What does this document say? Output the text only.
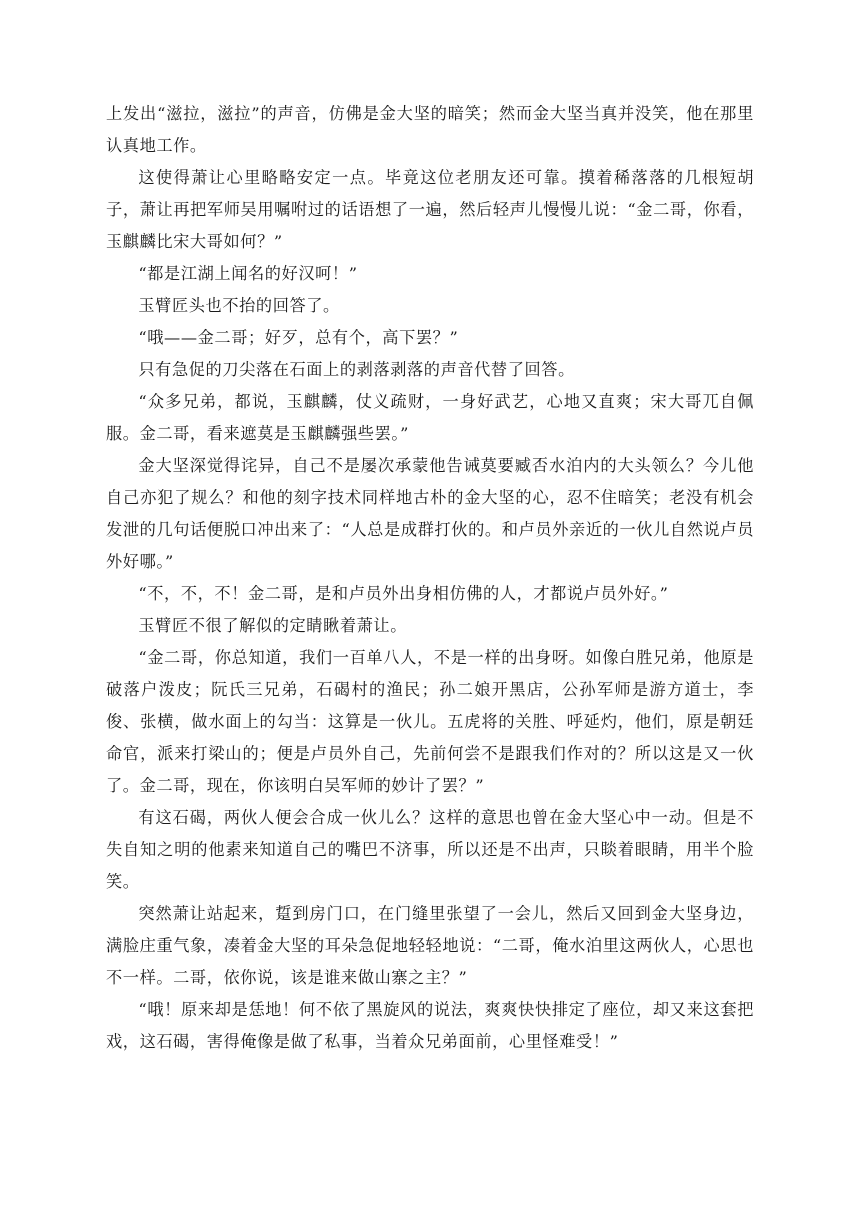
上发出“滋拉，滋拉”的声音，仿佛是金大坚的暗笑；然而金大坚当真并没笑，他在那里认真地工作。

这使得萧让心里略略安定一点。毕竟这位老朋友还可靠。摸着稀落落的几根短胡子，萧让再把军师吴用嘱咐过的话语想了一遍，然后轻声儿慢慢儿说：“金二哥，你看，玉麒麟比宋大哥如何？”

“都是江湖上闻名的好汉呵！”

玉臂匠头也不抬的回答了。

“哦——金二哥；好歹，总有个，高下罢？”

只有急促的刀尖落在石面上的剥落剥落的声音代替了回答。

“众多兄弟，都说，玉麒麟，仗义疏财，一身好武艺，心地又直爽；宋大哥兀自佩服。金二哥，看来遮莫是玉麒麟强些罢。”

金大坚深觉得诧异，自己不是屡次承蒙他告诫莫要臧否水泊内的大头领么？今儿他自己亦犯了规么？和他的刻字技术同样地古朴的金大坚的心，忍不住暗笑；老没有机会发泄的几句话便脱口冲出来了：“人总是成群打伙的。和卢员外亲近的一伙儿自然说卢员外好哪。”

“不，不，不！金二哥，是和卢员外出身相仿佛的人，才都说卢员外好。”

玉臂匠不很了解似的定睛瞅着萧让。

“金二哥，你总知道，我们一百单八人，不是一样的出身呀。如像白胜兄弟，他原是破落户泼皮；阮氏三兄弟，石碣村的渔民；孙二娘开黑店，公孙军师是游方道士，李俊、张横，做水面上的勾当：这算是一伙儿。五虎将的关胜、呼延灼，他们，原是朝廷命官，派来打梁山的；便是卢员外自己，先前何尝不是跟我们作对的？所以这是又一伙了。金二哥，现在，你该明白吴军师的妙计了罢？”

有这石碣，两伙人便会合成一伙儿么？这样的意思也曾在金大坚心中一动。但是不失自知之明的他素来知道自己的嘴巴不济事，所以还是不出声，只睒着眼睛，用半个脸笑。

突然萧让站起来，踅到房门口，在门缝里张望了一会儿，然后又回到金大坚身边，满脸庄重气象，凑着金大坚的耳朵急促地轻轻地说：“二哥，俺水泊里这两伙人，心思也不一样。二哥，依你说，该是谁来做山寨之主？”

“哦！原来却是恁地！何不依了黑旋风的说法，爽爽快快排定了座位，却又来这套把戏，这石碣，害得俺像是做了私事，当着众兄弟面前，心里怪难受！”
